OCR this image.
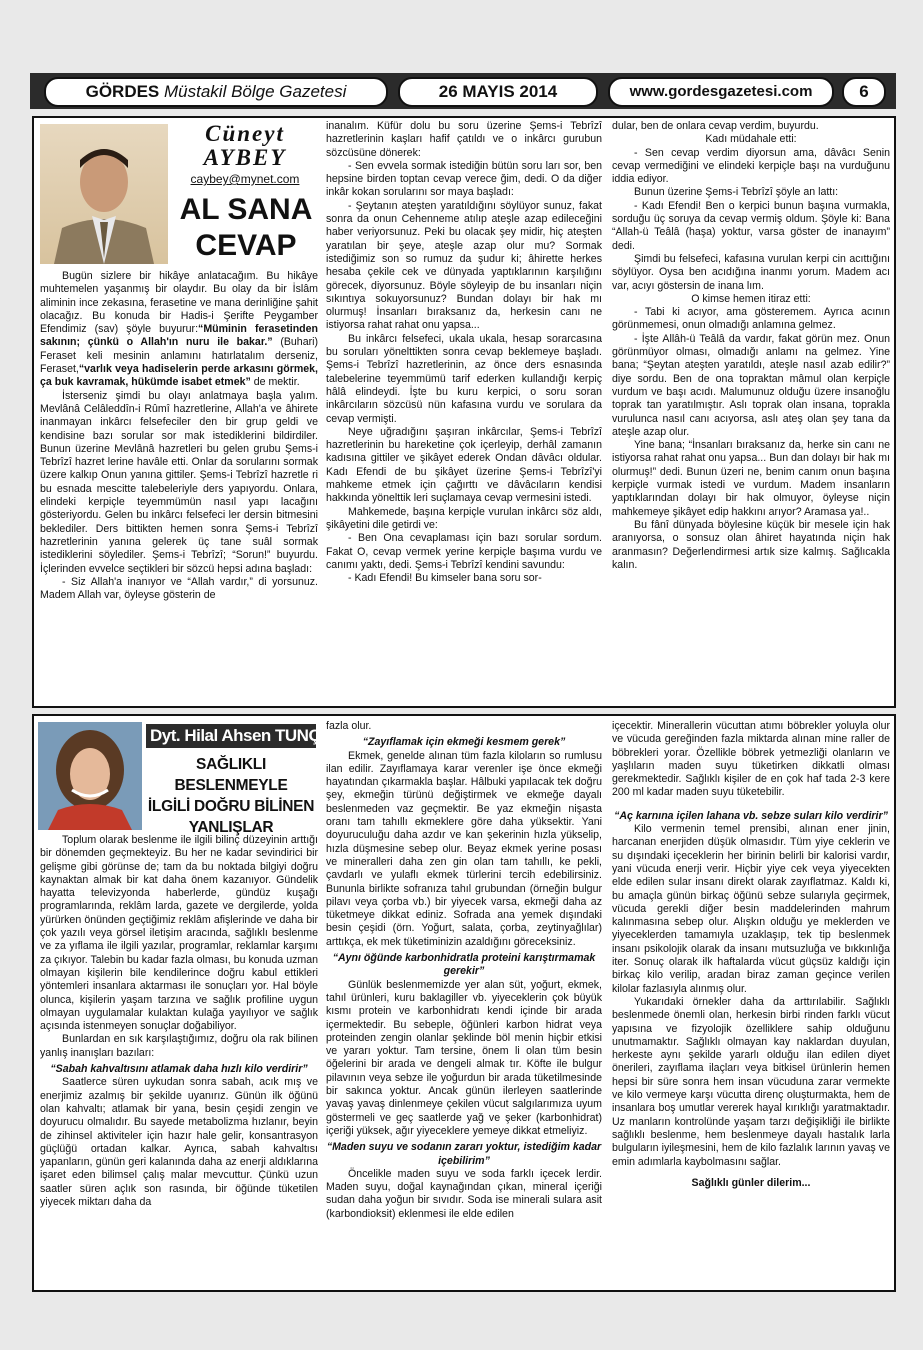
GÖRDES Müstakil Bölge Gazetesi	26 MAYIS 2014	www.gordesgazetesi.com	6
Cüneyt
AYBEY
caybey@mynet.com
AL SANA
CEVAP

Bugün sizlere bir hikâye anlatacağım. Bu hikâye muhtemelen yaşanmış bir olaydır. Bu olay da bir İslâm aliminin ince zekasına, ferasetine ve mana derinliğine şahit olacağız. Bu konuda bir Hadis-i Şerifte Peygamber Efendimiz (sav) şöyle buyurur:“Müminin ferasetinden sakının; çünkü o Allah'ın nuru ile bakar.” (Buhari) Feraset keli mesinin anlamını hatırlatalım derseniz, Feraset,“varlık veya hadiselerin perde arkasını görmek, ça buk kavramak, hükümde isabet etmek” de mektir.

İsterseniz şimdi bu olayı anlatmaya başla yalım. Mevlânâ Celâleddîn-i Rûmî hazretlerine, Allah'a ve âhirete inanmayan inkârcı felsefeciler den bir grup geldi ve kendisine bazı sorular sor mak istediklerini bildirdiler. Bunun üzerine Mevlânâ hazretleri bu gelen grubu Şems-i Tebrîzî hazret lerine havâle etti. Onlar da sorularını sormak üzere kalkıp Onun yanına gittiler. Şems-i Tebrîzî hazretle ri bu esnada mescitte talebeleriyle ders yapıyordu. Onlara, elindeki kerpiçle teyemmümün nasıl yapı lacağını gösteriyordu. Gelen bu inkârcı felsefeci ler dersin bitmesini beklediler. Ders bittikten hemen sonra Şems-i Tebrîzî hazretlerinin yanına gelerek üç tane suâl sormak istediklerini söylediler. Şems-i Tebrîzî; “Sorun!” buyurdu. İçlerinden evvelce seçtikleri bir sözcü hepsi adına başladı:

- Siz Allah'a inanıyor ve “Allah vardır,” di yorsunuz. Madem Allah var, öyleyse gösterin de

inanalım. Küfür dolu bu soru üzerine Şems-i Tebrîzî hazretlerinin kaşları hafif çatıldı ve o inkârcı gurubun sözcüsüne dönerek:

- Sen evvela sormak istediğin bütün soru ları sor, ben hepsine birden toptan cevap verece ğim, dedi. O da diğer inkâr kokan sorularını sor maya başladı:

- Şeytanın ateşten yaratıldığını söylüyor sunuz, fakat sonra da onun Cehenneme atılıp ateşle azap edileceğini haber veriyorsunuz. Peki bu olacak şey midir, hiç ateşten yaratılan bir şeye, ateşle azap olur mu? Sormak istediğimiz son so rumuz da şudur ki; âhirette herkes hesaba çekile cek ve dünyada yaptıklarının karşılığını görecek, diyorsunuz. Böyle söyleyip de bu insanları niçin sıkıntıya sokuyorsunuz? Bundan dolayı bir hak mı olurmuş! İnsanları bıraksanız da, herkesin canı ne istiyorsa rahat rahat onu yapsa...

Bu inkârcı felsefeci, ukala ukala, hesap sorarcasına bu soruları yönelttikten sonra cevap beklemeye başladı. Şems-i Tebrîzî hazretlerinin, az önce ders esnasında talebelerine teyemmümü tarif ederken kullandığı kerpiç hâlâ elindeydi. İşte bu kuru kerpici, o soru soran inkârcıların sözcüsü nün kafasına vurdu ve sorulara da cevap vermişti.

Neye uğradığını şaşıran inkârcılar, Şems-i Tebrîzî hazretlerinin bu hareketine çok içerleyip, derhâl zamanın kadısına gittiler ve şikâyet ederek Ondan dâvâcı oldular. Kadı Efendi de bu şikâyet üzerine Şems-i Tebrîzî'yi mahkeme etmek için çağırttı ve dâvâcıların kendisi hakkında yönelttik leri suçlamaya cevap vermesini istedi.

Mahkemede, başına kerpiçle vurulan inkârcı söz aldı, şikâyetini dile getirdi ve:

- Ben Ona cevaplaması için bazı sorular sordum. Fakat O, cevap vermek yerine kerpiçle başıma vurdu ve canımı yaktı, dedi. Şems-i Tebrîzî kendini savundu:

- Kadı Efendi! Bu kimseler bana soru sor-

dular, ben de onlara cevap verdim, buyurdu.

Kadı müdahale etti:

- Sen cevap verdim diyorsun ama, dâvâcı Senin cevap vermediğini ve elindeki kerpiçle başı na vurduğunu iddia ediyor.

Bunun üzerine Şems-i Tebrîzî şöyle an lattı:

- Kadı Efendi! Ben o kerpici bunun başına vurmakla, sorduğu üç soruya da cevap vermiş oldum. Şöyle ki: Bana “Allah-ü Teâlâ (haşa) yoktur, varsa göster de inanayım” dedi.

Şimdi bu felsefeci, kafasına vurulan kerpi cin acıttığını söylüyor. Oysa ben acıdığına inanmı yorum. Madem acı var, acıyı göstersin de inana lım.

O kimse hemen itiraz etti:

- Tabi ki acıyor, ama gösteremem. Ayrıca acının görünmemesi, onun olmadığı anlamına gelmez.

- İşte Allâh-ü Teâlâ da vardır, fakat görün mez. Onun görünmüyor olması, olmadığı anlamı na gelmez. Yine bana; “Şeytan ateşten yaratıldı, ateşle nasıl azab edilir?” diye sordu. Ben de ona topraktan mâmul olan kerpiçle vurdum ve başı acıdı. Malumunuz olduğu üzere insanoğlu toprak tan yaratılmıştır. Aslı toprak olan insana, toprakla vurulunca nasıl canı acıyorsa, aslı ateş olan şey tana da ateşle azap olur.

Yine bana; “İnsanları bıraksanız da, herke sin canı ne istiyorsa rahat rahat onu yapsa... Bun dan dolayı bir hak mı olurmuş!” dedi. Bunun üzeri ne, benim canım onun başına kerpiçle vurmak istedi ve vurdum. Madem insanların yaptıklarından dolayı bir hak olmuyor, öyleyse niçin mahkemeye şikâyet edip hakkını arıyor? Aramasa ya!..

Bu fânî dünyada böylesine küçük bir mesele için hak aranıyorsa, o sonsuz olan âhiret hayatında niçin hak aranmasın? Değerlendirmesi artık size kalmış. Sağlıcakla kalın.

Dyt. Hilal Ahsen TUNÇAY
SAĞLIKLI BESLENMEYLE
İLGİLİ DOĞRU BİLİNEN
YANLIŞLAR

Toplum olarak beslenme ile ilgili bilinç düzeyinin arttığı bir dönemden geçmekteyiz. Bu her ne kadar sevindirici bir gelişme gibi görünse de; tam da bu noktada bilgiyi doğru kaynaktan almak bir kat daha önem kazanıyor. Gündelik hayatta televizyonda haberlerde, gündüz kuşağı programlarında, reklâm larda, gazete ve dergilerde, yolda yürürken önünden geçtiğimiz reklâm afişlerinde ve daha bir çok yazılı veya görsel iletişim aracında, sağlıklı beslenme ve za yıflama ile ilgili yazılar, programlar, reklamlar karşımı za çıkıyor. Talebin bu kadar fazla olması, bu konuda uzman olmayan kişilerin bile kendilerince doğru kabul ettikleri yöntemleri insanlara aktarması ile sonuçları yor. Hal böyle olunca, kişilerin yaşam tarzına ve sağlık profiline uygun olmayan uygulamalar kulaktan kulağa yayılıyor ve sağlık açısında istenmeyen sonuçlar doğabiliyor.

Bunlardan en sık karşılaştığımız, doğru ola rak bilinen yanlış inanışları bazıları:

“Sabah kahvaltısını atlamak daha hızlı kilo verdirir”

Saatlerce süren uykudan sonra sabah, acık mış ve enerjimiz azalmış bir şekilde uyanırız. Günün ilk öğünü olan kahvaltı; atlamak bir yana, besin çeşidi zengin ve doyurucu olmalıdır. Bu sayede metabolizma hızlanır, beyin de zihinsel aktiviteler için hazır hale gelir, konsantrasyon güçlüğü ortadan kalkar. Ayrıca, sabah kahvaltısı yapanların, günün geri kalanında daha az enerji aldıklarına işaret eden bilimsel çalış malar mevcuttur. Çünkü uzun saatler süren açlık son rasında, bir öğünde tüketilen yiyecek miktarı daha da

fazla olur.

“Zayıflamak için ekmeği kesmem gerek”

Ekmek, genelde alınan tüm fazla kiloların so rumlusu ilan edilir. Zayıflamaya karar verenler işe önce ekmeği hayatından çıkarmakla başlar. Hâlbuki yapılacak tek doğru şey, ekmeğin türünü değiştirmek ve ekmeğe dayalı beslenmeden vaz geçmektir. Be yaz ekmeğin nişasta oranı tam tahıllı ekmeklere göre daha yüksektir. Yani doyuruculuğu daha azdır ve kan şekerinin hızla yükselip, hızla düşmesine sebep olur. Beyaz ekmek yerine posası ve mineralleri daha zen gin olan tam tahıllı, ke pekli, çavdarlı ve yulaflı ekmek türlerini tercih edebilirsiniz. Bununla birlikte sofranıza tahıl grubundan (örneğin bulgur pilavı veya çorba vb.) bir yiyecek varsa, ekmeği daha az tüketmeye dikkat ediniz. Sofrada ana yemek dışındaki besin çeşidi (örn. Yoğurt, salata, çorba, zeytinyağlılar) arttıkça, ek mek tüketiminizin azaldığını göreceksiniz.

“Aynı öğünde karbonhidratla proteini karıştırmamak gerekir”

Günlük beslenmemizde yer alan süt, yoğurt, ekmek, tahıl ürünleri, kuru baklagiller vb. yiyeceklerin çok büyük kısmı protein ve karbonhidratı kendi içinde bir arada içermektedir. Bu sebeple, öğünleri karbon hidrat veya proteinden zengin olanlar şeklinde böl menin hiçbir etkisi ve yararı yoktur. Tam tersine, önem li olan tüm besin öğelerini bir arada ve dengeli almak tır. Köfte ile bulgur pilavının veya sebze ile yoğurdun bir arada tüketilmesinde bir sakınca yoktur. Ancak günün ilerleyen saatlerinde yavaş yavaş dinlenmeye çekilen vücut salgılarımıza uyum göstermeli ve geç saatlerde yağ ve şeker (karbonhidrat) içeriği yüksek, ağır yiyeceklere yemeye dikkat etmeliyiz.

“Maden suyu ve sodanın zararı yoktur, istediğim kadar içebilirim”

Öncelikle maden suyu ve soda farklı içecek lerdir. Maden suyu, doğal kaynağından çıkan, mineral içeriği sudan daha yoğun bir sıvıdır. Soda ise minerali sulara asit (karbondioksit) eklenmesi ile elde edilen

içecektir. Minerallerin vücuttan atımı böbrekler yoluyla olur ve vücuda gereğinden fazla miktarda alınan mine raller de böbrekleri yorar. Özellikle böbrek yetmezliği olanların ve yaşlıların maden suyu tüketirken dikkatli olması gerekmektedir. Sağlıklı kişiler de en çok haf tada 2-3 kere 200 ml kadar maden suyu tüketebilir.

“Aç karnına içilen lahana vb. sebze suları kilo verdirir”

Kilo vermenin temel prensibi, alınan ener jinin, harcanan enerjiden düşük olmasıdır. Tüm yiye ceklerin ve su dışındaki içeceklerin her birinin belirli bir kalorisi vardır, yani vücuda enerji verir. Hiçbir yiye cek veya yiyecekten elde edilen sular insanı direkt olarak zayıflatmaz. Kaldı ki, bu amaçla günün birkaç öğünü sebze sularıyla geçirmek, vücuda gerekli diğer besin maddelerinden mahrum kalınmasına sebep olur. Alışkın olduğu ye meklerden ve yiyeceklerden tamamıyla uzaklaşıp, tek tip beslenmek insanı psikolojik olarak da insanı mutsuzluğa ve bıkkınlığa iter. Sonuç olarak ilk haftalarda vücut güçsüz kaldığı için birkaç kilo verilip, aradan biraz zaman geçince verilen kilolar fazlasıyla alınmış olur.

Yukarıdaki örnekler daha da arttırılabilir. Sağlıklı beslenmede önemli olan, herkesin birbi rinden farklı vücut yapısına ve fizyolojik özelliklere sahip olduğunu unutmamaktır. Sağlıklı olmayan kay naklardan duyulan, herkeste aynı şekilde yararlı olduğu ilan edilen diyet önerileri, zayıflama ilaçları veya bitkisel ürünlerin hemen hepsi bir süre sonra hem insan vücuduna zarar vermekte ve kilo vermeye karşı vücutta direnç oluşturmakta, hem de insanlara boş umutlar vererek hayal kırıklığı yaratmaktadır. Uz manların kontrolünde yaşam tarzı değişikliği ile birlikte sağlıklı beslenme, hem beslenmeye dayalı hastalık larla bulguların iyileşmesini, hem de kilo fazlalık larının yavaş ve emin adımlarla kaybolmasını sağlar.

Sağlıklı günler dilerim...
